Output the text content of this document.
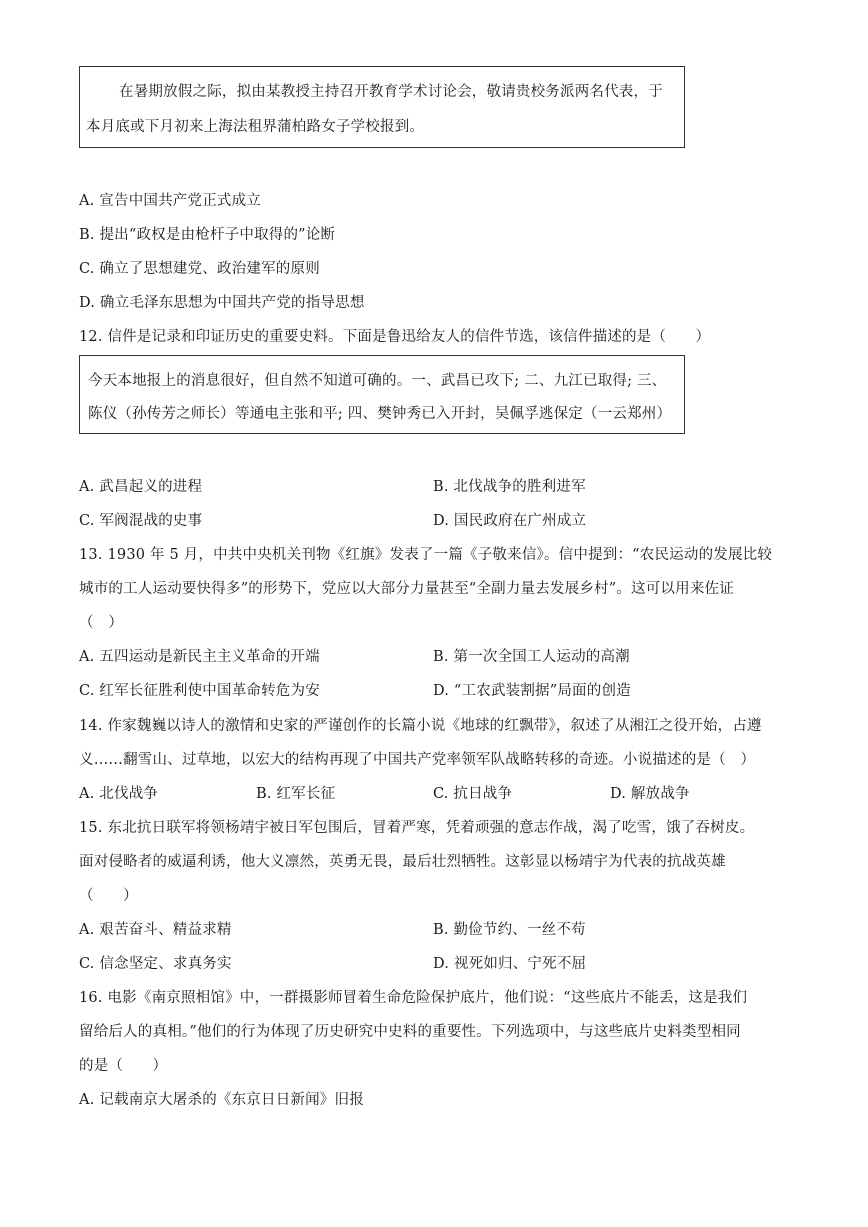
在暑期放假之际，拟由某教授主持召开教育学术讨论会，敬请贵校务派两名代表，于

本月底或下月初来上海法租界蒲柏路女子学校报到。

A. 宣告中国共产党正式成立

B. 提出“政权是由枪杆子中取得的”论断

C. 确立了思想建党、政治建军的原则

D. 确立毛泽东思想为中国共产党的指导思想

12. 信件是记录和印证历史的重要史料。下面是鲁迅给友人的信件节选，该信件描述的是（　　）

今天本地报上的消息很好，但自然不知道可确的。一、武昌已攻下; 二、九江已取得; 三、

陈仪（孙传芳之师长）等通电主张和平; 四、樊钟秀已入开封，吴佩孚逃保定（一云郑州）

A. 武昌起义的进程	B. 北伐战争的胜利进军

C. 军阀混战的史事	D. 国民政府在广州成立

13. 1930 年 5 月，中共中央机关刊物《红旗》发表了一篇《子敬来信》。信中提到：“农民运动的发展比较

城市的工人运动要快得多”的形势下，党应以大部分力量甚至“全副力量去发展乡村”。这可以用来佐证

（　）

A. 五四运动是新民主主义革命的开端	B. 第一次全国工人运动的高潮

C. 红军长征胜利使中国革命转危为安	D. “工农武装割据”局面的创造

14. 作家魏巍以诗人的激情和史家的严谨创作的长篇小说《地球的红飘带》，叙述了从湘江之役开始，占遵

义……翻雪山、过草地，以宏大的结构再现了中国共产党率领军队战略转移的奇迹。小说描述的是（　）

A. 北伐战争	B. 红军长征	C. 抗日战争	D. 解放战争

15. 东北抗日联军将领杨靖宇被日军包围后，冒着严寒，凭着顽强的意志作战，渴了吃雪，饿了吞树皮。

面对侵略者的威逼利诱，他大义凛然，英勇无畏，最后壮烈牺牲。这彰显以杨靖宇为代表的抗战英雄

（　　）

A. 艰苦奋斗、精益求精	B. 勤俭节约、一丝不苟

C. 信念坚定、求真务实	D. 视死如归、宁死不屈

16. 电影《南京照相馆》中，一群摄影师冒着生命危险保护底片，他们说：“这些底片不能丢，这是我们

留给后人的真相。”他们的行为体现了历史研究中史料的重要性。下列选项中，与这些底片史料类型相同

的是（　　）

A. 记载南京大屠杀的《东京日日新闻》旧报
